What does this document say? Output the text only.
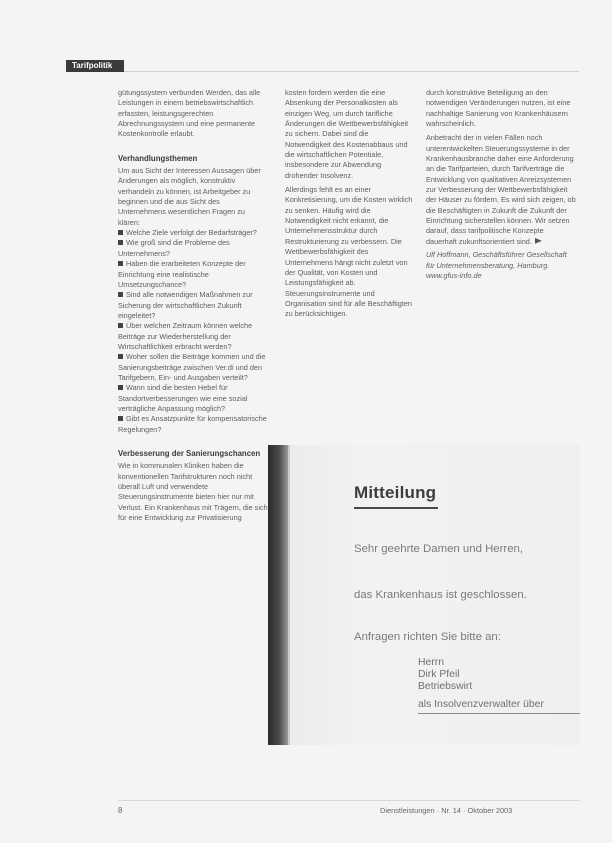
Tarifpolitik

gütungssystem verbunden Werden, das alle Leistungen in einem betriebswirtschaftlich erfassten, leistungsgerechten Abrechnungssystem und eine permanente Kostenkontrolle erlaubt.

Verhandlungsthemen

Um aus Sicht der Interessen Aussagen über Änderungen als möglich, konstruktiv verhandeln zu können, ist Arbeitgeber zu beginnen und die aus Sicht des Unternehmens wesentlichen Fragen zu klären:

Welche Ziele verfolgt der Bedarfsträger?

Wie groß sind die Probleme des Unternehmens?

Haben die erarbeiteten Konzepte der Einrichtung eine realistische Umsetzungschance?

Sind alle notwendigen Maßnahmen zur Sicherung der wirtschaftlichen Zukunft eingeleitet?

Über welchen Zeitraum können welche Beiträge zur Wiederherstellung der Wirtschaftlichkeit erbracht werden?

Woher sollen die Beiträge kommen und die Sanierungsbeiträge zwischen Ver.di und den Tarifgebern, Ein- und Ausgaben verteilt?

Wann sind die besten Hebel für Standortverbesserungen wie eine sozial verträgliche Anpassung möglich?

Gibt es Ansatzpunkte für kompensatorische Regelungen?

Verbesserung der Sanierungschancen

Wie in kommunalen Kliniken haben die konventionellen Tarifstrukturen noch nicht überall Luft und verwendete Steuerungsinstrumente bieten hier nur mit Verlust. Ein Krankenhaus mit Trägern, die sich für eine Entwicklung zur Privatisierung

kosten fordern werden die eine Absenkung der Personalkosten als einzigen Weg, um durch tarifliche Änderungen die Wettbewerbsfähigkeit zu sichern. Dabei sind die Notwendigkeit des Kostenabbaus und die wirtschaftlichen Potentiale, insbesondere zur Abwendung drohender Insolvenz.

Allerdings fehlt es an einer Konkretisierung, um die Kosten wirklich zu senken. Häufig wird die Notwendigkeit nicht erkannt, die Unternehmensstruktur durch Restrukturierung zu verbessern. Die Wettbewerbsfähigkeit des Unternehmens hängt nicht zuletzt von der Qualität, von Kosten und Leistungsfähigkeit ab. Steuerungsinstrumente und Organisation sind für alle Beschäftigten zu berücksichtigen.

durch konstruktive Beteiligung an den notwendigen Veränderungen nutzen, ist eine nachhaltige Sanierung von Krankenhäusern wahrscheinlich.

Anbetracht der in vielen Fällen noch unterentwickelten Steuerungssysteme in der Krankenhausbranche daher eine Anforderung an die Tarifparteien, durch Tarifverträge die Entwicklung von qualitativen Anreizsystemen zur Verbesserung der Wettbewerbsfähigkeit der Häuser zu fördern. Es wird sich zeigen, ob die Beschäftigten in Zukunft die Zukunft der Einrichtung sicherstellen können. Wir setzen darauf, dass tarifpolitische Konzepte dauerhaft zukunftsorientiert sind.

Ulf Hoffmann, Geschäftsführer Gesellschaft für Unternehmensberatung, Hamburg. www.gfus-info.de

Mitteilung
Sehr geehrte Damen und Herren,
das Krankenhaus ist geschlossen.
Anfragen richten Sie bitte an:
Herrn
Dirk Pfeil
Betriebswirt
als Insolvenzverwalter über
8	Dienstleistungen · Nr. 14 · Oktober 2003
